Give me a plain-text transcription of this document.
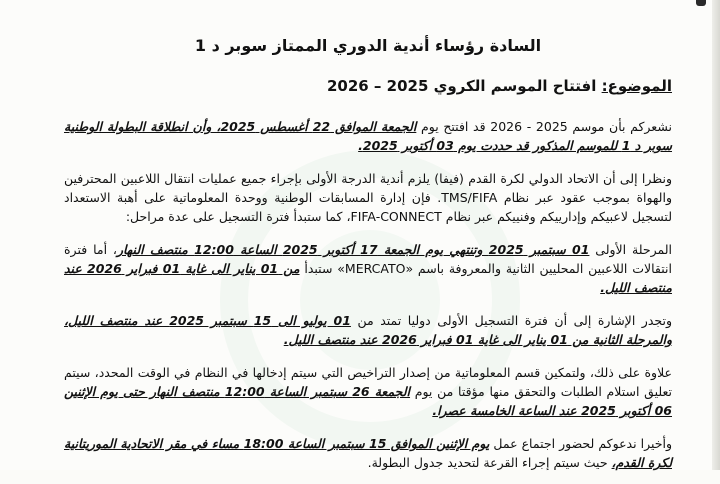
السادة رؤساء أندية الدوري الممتاز سوبر د 1
الموضوع: افتتاح الموسم الكروي 2025 – 2026

نشعركم بأن موسم 2025 - 2026 قد افتتح يوم الجمعة الموافق 22 أغسطس 2025، وأن انطلاقة البطولة الوطنية سوبر د 1 للموسم المذكور قد حددت يوم 03 أكتوبر 2025.

ونظرا إلى أن الاتحاد الدولي لكرة القدم (فيفا) يلزم أندية الدرجة الأولى بإجراء جميع عمليات انتقال اللاعبين المحترفين والهواة بموجب عقود عبر نظام TMS/FIFA. فإن إدارة المسابقات الوطنية ووحدة المعلوماتية على أهبة الاستعداد لتسجيل لاعبيكم وإدارييكم وفنييكم عبر نظام FIFA-CONNECT، كما ستبدأ فترة التسجيل على عدة مراحل:

المرحلة الأولى 01 سبتمبر 2025 وتنتهي يوم الجمعة 17 أكتوبر 2025 الساعة 12:00 منتصف النهار، أما فترة انتقالات اللاعبين المحليين الثانية والمعروفة باسم «MERCATO» ستبدأ من 01 يناير الى غاية 01 فبراير 2026 عند منتصف الليل.

وتجدر الإشارة إلى أن فترة التسجيل الأولى دوليا تمتد من 01 يوليو الى 15 سبتمبر 2025 عند منتصف الليل، والمرحلة الثانية من 01 يناير الى غاية 01 فبراير 2026 عند منتصف الليل.

علاوة على ذلك، ولتمكين قسم المعلوماتية من إصدار التراخيص التي سيتم إدخالها في النظام في الوقت المحدد، سيتم تعليق استلام الطلبات والتحقق منها مؤقتا من يوم الجمعة 26 سبتمبر الساعة 12:00 منتصف النهار حتى يوم الإثنين 06 أكتوبر 2025 عند الساعة الخامسة عصرا.

وأخيرا ندعوكم لحضور اجتماع عمل يوم الإثنين الموافق 15 سبتمبر الساعة 18:00 مساء في مقر الاتحادية الموريتانية لكرة القدم، حيث سيتم إجراء القرعة لتحديد جدول البطولة.
